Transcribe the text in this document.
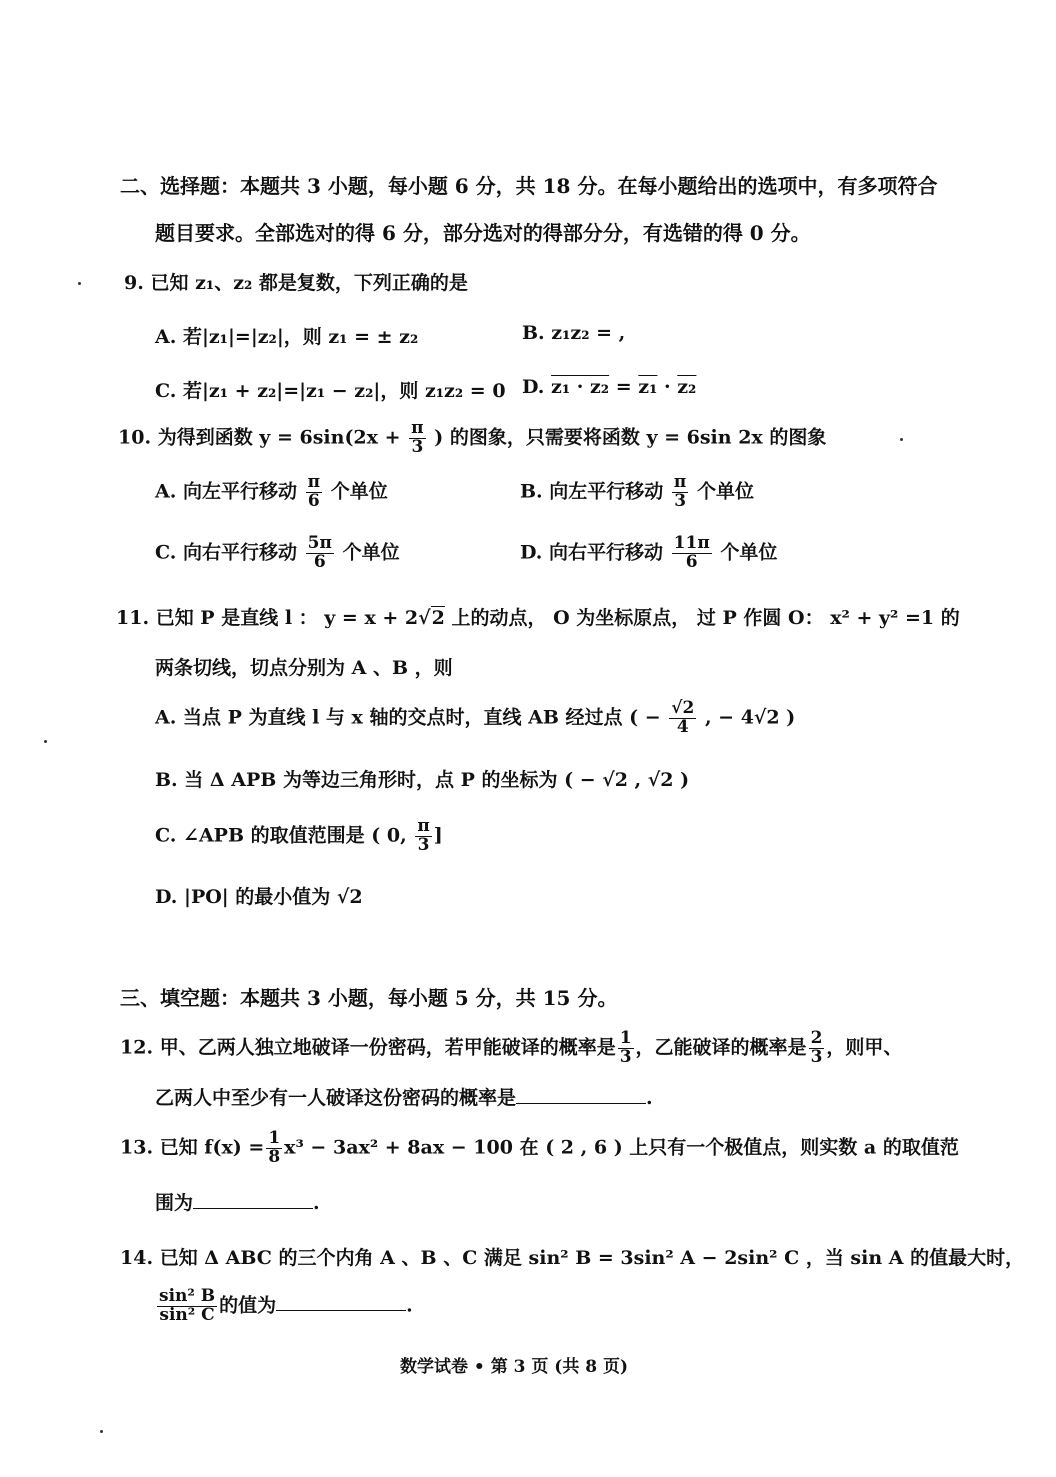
二、选择题：本题共 3 小题，每小题 6 分，共 18 分。在每小题给出的选项中，有多项符合
题目要求。全部选对的得 6 分，部分选对的得部分分，有选错的得 0 分。
9. 已知 z₁、z₂ 都是复数，下列正确的是
A. 若|z₁|=|z₂|，则 z₁ = ± z₂	B. z₁z₂ = ,
C. 若|z₁ + z₂|=|z₁ − z₂|，则 z₁z₂ = 0 D. z₁ · z₂ = z₁ · z₂
10. 为得到函数 $y = 6\sin(2x + \frac{\pi}{3}$ ) 的图象，只需要将函数 y = 6sin 2x 的图象
A. 向左平行移动 $\frac{\pi}{6}$ 个单位	B. 向左平行移动 $\frac{\pi}{3}$ 个单位
C. 向右平行移动 $\frac{5\pi}{6}$ 个单位	D. 向右平行移动 $\frac{11\pi}{6}$ 个单位
11. 已知 P 是直线 l ： y = x + 2√2 上的动点， O 为坐标原点， 过 P 作圆 O： x² + y² =1 的
两条切线，切点分别为 A 、B ，则
A. 当点 P 为直线 l 与 x 轴的交点时，直线 AB 经过点 ( − $\frac{√2}{4}$ , − 4√2 )
B. 当 Δ APB 为等边三角形时，点 P 的坐标为 ( − √2 , √2 )
C. ∠APB 的取值范围是 ( 0, $\frac{\pi}{3}$ ]
D. |PO| 的最小值为 √2
三、填空题：本题共 3 小题，每小题 5 分，共 15 分。
12. 甲、乙两人独立地破译一份密码，若甲能破译的概率是 $\frac{1}{3}$ ，乙能破译的概率是 $\frac{2}{3}$ ，则甲、
乙两人中至少有一人破译这份密码的概率是	.
13. 已知 $f(x) = \frac{1}{8} x^3 - 3ax^2 + 8ax - 100$ 在 ( 2 , 6 ) 上只有一个极值点，则实数 a 的取值范
围为	.
14. 已知 Δ ABC 的三个内角 A 、B 、C 满足 sin² B = 3sin² A − 2sin² C ，当 sin A 的值最大时，
$\frac{\text{sin² B}}{\text{sin² C}}$ 的值为	.
数学试卷 • 第 3 页 (共 8 页)
